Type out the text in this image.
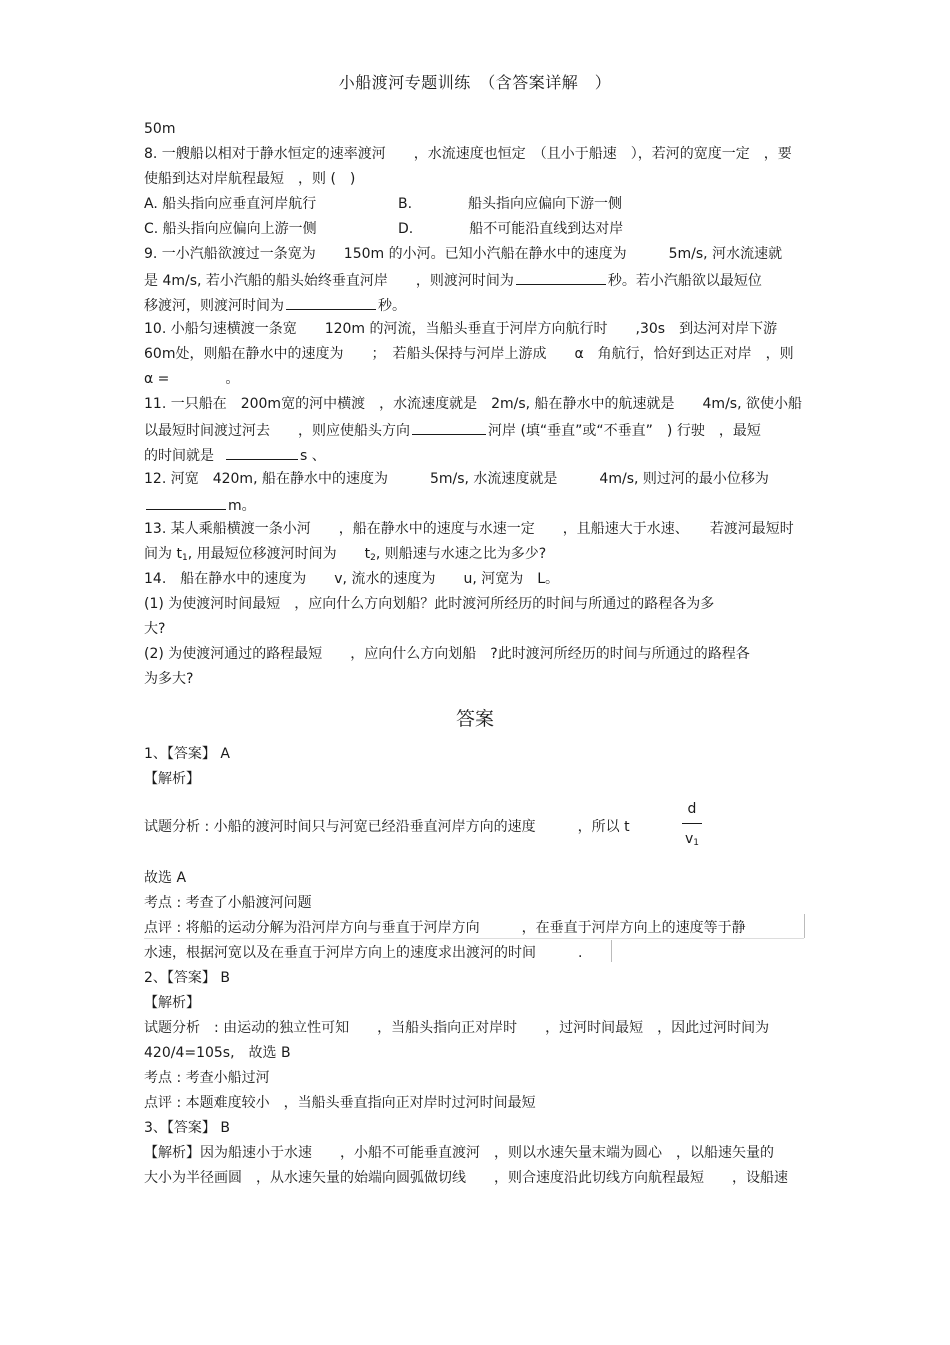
小船渡河专题训练　（含答案详解　）
50m
8. 一艘船以相对于静水恒定的速率渡河　　，水流速度也恒定　（且小于船速　），若河的宽度一定　，要
使船到达对岸航程最短　，则 (　)
A. 船头指向应垂直河岸航行	B.　　　　船头指向应偏向下游一侧
C. 船头指向应偏向上游一侧	D.　　　　船不可能沿直线到达对岸
9. 一小汽船欲渡过一条宽为　　150m 的小河。已知小汽船在静水中的速度为　　　5m/s, 河水流速就
是 4m/s, 若小汽船的船头始终垂直河岸　　，则渡河时间为	秒。若小汽船欲以最短位
移渡河，则渡河时间为	秒。
10. 小船匀速横渡一条宽　　120m 的河流，当船头垂直于河岸方向航行时　　,30s　到达河对岸下游
60m处，则船在静水中的速度为　　；　若船头保持与河岸上游成　　α　角航行，恰好到达正对岸　，则
α =　　　　。
11. 一只船在　200m宽的河中横渡　，水流速度就是　2m/s, 船在静水中的航速就是　　4m/s, 欲使小船
以最短时间渡过河去　　，则应使船头方向	河岸 (填“垂直”或“不垂直”　) 行驶　，最短
的时间就是	s 、
12. 河宽　420m, 船在静水中的速度为　　　5m/s, 水流速度就是　　　4m/s, 则过河的最小位移为
m。
13. 某人乘船横渡一条小河　　，船在静水中的速度与水速一定　　，且船速大于水速、　　若渡河最短时
间为 $t_1$, 用最短位移渡河时间为　　$t_2$, 则船速与水速之比为多少?
14.　船在静水中的速度为　　v, 流水的速度为　　u, 河宽为　L。
(1) 为使渡河时间最短　，应向什么方向划船？此时渡河所经历的时间与所通过的路程各为多
大?
(2) 为使渡河通过的路程最短　　，应向什么方向划船　?此时渡河所经历的时间与所通过的路程各
为多大?
答案
1、【答案】 A
【解析】
试题分析 : 小船的渡河时间只与河宽已经沿垂直河岸方向的速度　　　，所以 t
d
$v_1$
故选 A
考点 : 考查了小船渡河问题
点评 : 将船的运动分解为沿河岸方向与垂直于河岸方向　　　，在垂直于河岸方向上的速度等于静
水速，根据河宽以及在垂直于河岸方向上的速度求出渡河的时间　　　.
2、【答案】 B
【解析】
试题分析　: 由运动的独立性可知　　，当船头指向正对岸时　　，过河时间最短　，因此过河时间为
420/4=105s,　故选 B
考点 : 考查小船过河
点评 : 本题难度较小　，当船头垂直指向正对岸时过河时间最短
3、【答案】 B
【解析】因为船速小于水速　　，小船不可能垂直渡河　，则以水速矢量末端为圆心　，以船速矢量的
大小为半径画圆　，从水速矢量的始端向圆弧做切线　　，则合速度沿此切线方向航程最短　　，设船速
